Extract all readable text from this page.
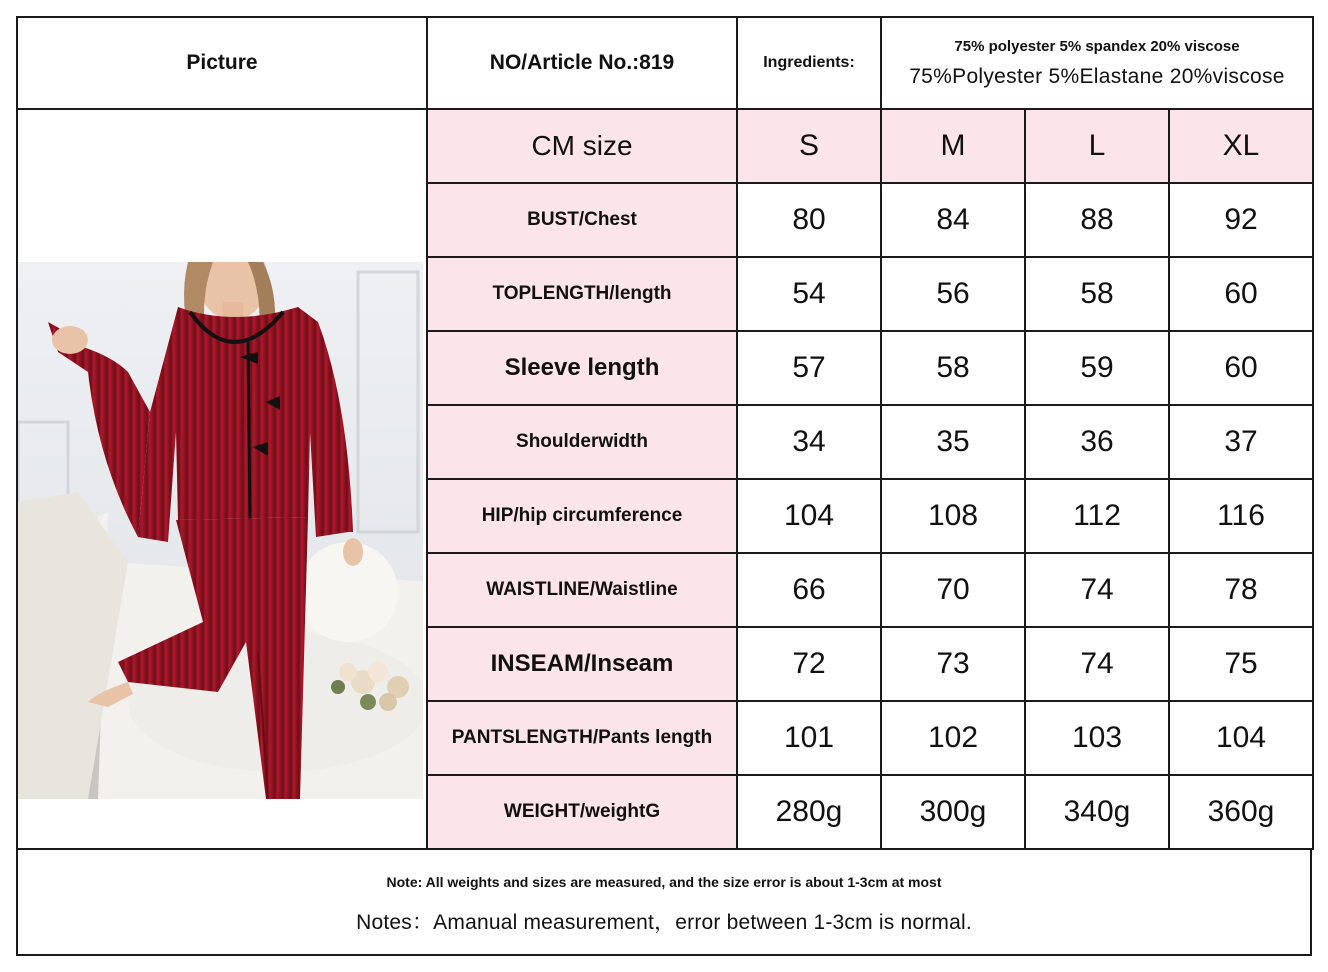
Picture	NO/Article No.:819	Ingredients:	75% polyester 5% spandex 20% viscose
75%Polyester 5%Elastane 20%viscose		

	CM size	S	M	L	XL
	BUST/Chest	80	84	88	92
	TOPLENGTH/length	54	56	58	60
	Sleeve length	57	58	59	60
	Shoulderwidth	34	35	36	37
	HIP/hip circumference	104	108	112	116
	WAISTLINE/Waistline	66	70	74	78
	INSEAM/Inseam	72	73	74	75
	PANTSLENGTH/Pants length	101	102	103	104
	WEIGHT/weightG	280g	300g	340g	360g
Note: All weights and sizes are measured, and the size error is about 1-3cm at most
Notes：Amanual measurement，error between 1-3cm is normal.
